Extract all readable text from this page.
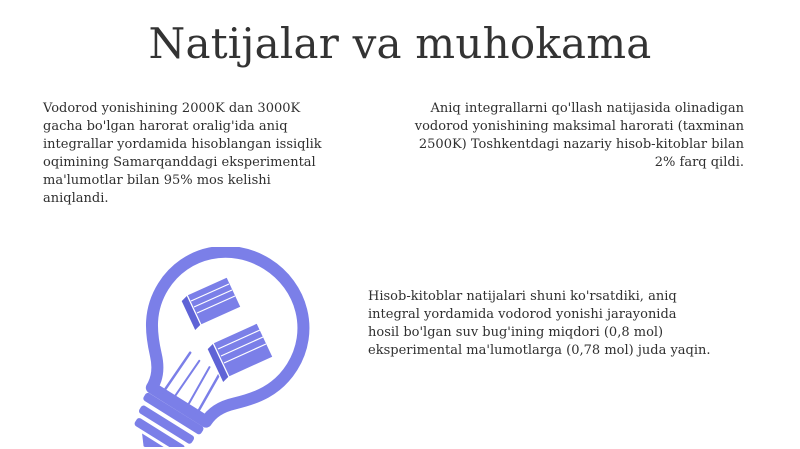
Natijalar va muhokama
Vodorod yonishining 2000K dan 3000K
gacha bo'lgan harorat oralig'ida aniq
integrallar yordamida hisoblangan issiqlik
oqimining Samarqanddagi eksperimental
ma'lumotlar bilan 95% mos kelishi
aniqlandi.
Aniq integrallarni qo'llash natijasida olinadigan
vodorod yonishining maksimal harorati (taxminan
2500K) Toshkentdagi nazariy hisob-kitoblar bilan
2% farq qildi.
Hisob-kitoblar natijalari shuni ko'rsatdiki, aniq
integral yordamida vodorod yonishi jarayonida
hosil bo'lgan suv bug'ining miqdori (0,8 mol)
eksperimental ma'lumotlarga (0,78 mol) juda yaqin.
